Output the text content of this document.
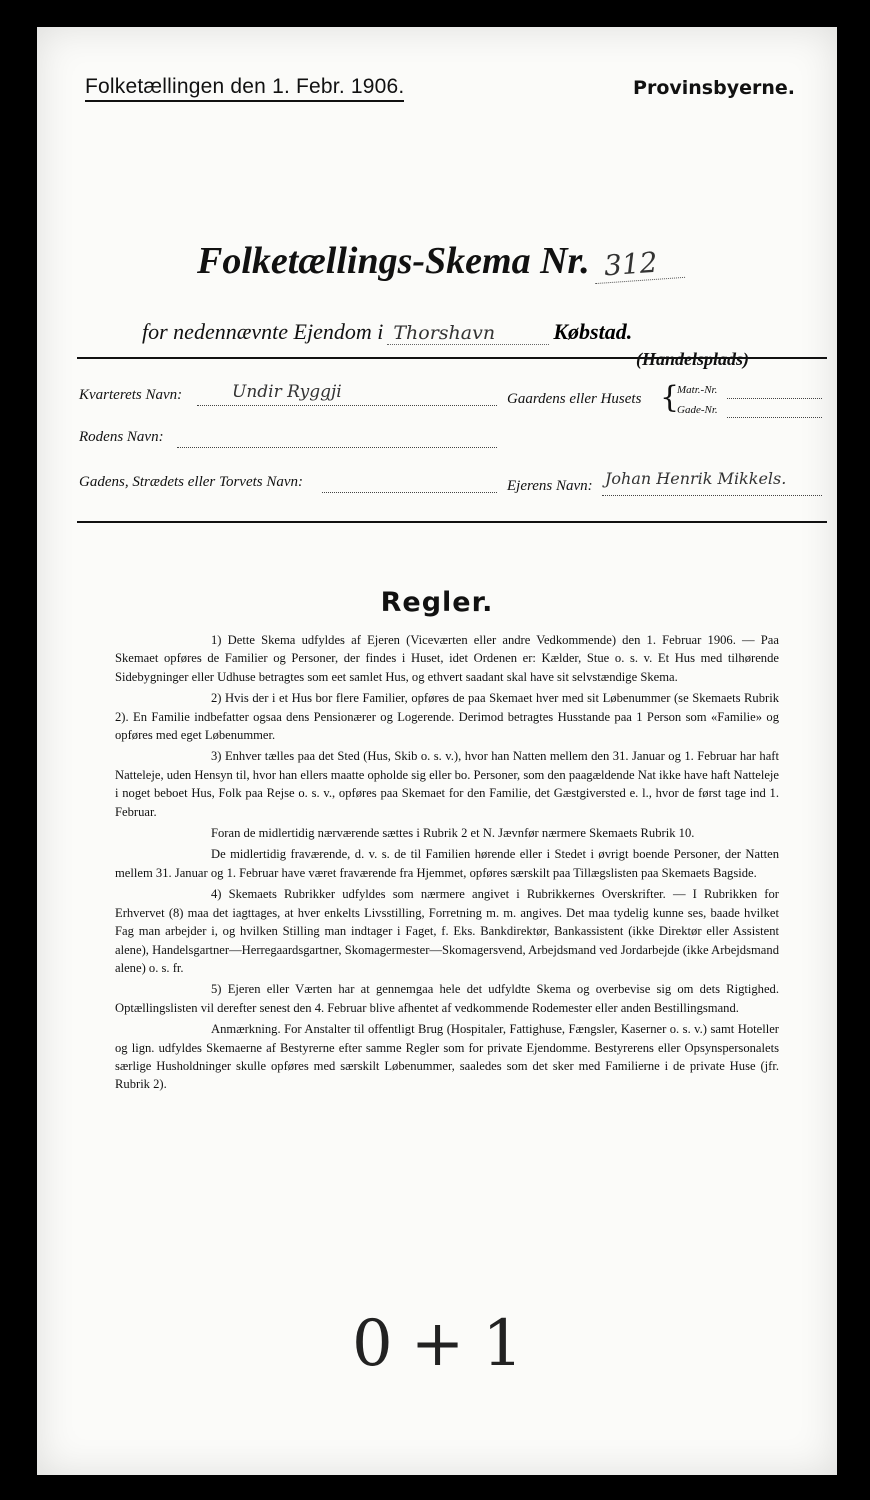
Folketællingen den 1. Febr. 1906.	Provinsbyerne.
Folketællings-Skema Nr. 312
for nedennævnte Ejendom i Thorshavn	Købstad.
(Handelsplads)
Kvarterets Navn:	Undir Ryggji	Gaardens eller Husets {
Matr.-Nr.
Gade-Nr.
Rodens Navn:
Gadens, Strædets eller Torvets Navn:	Ejerens Navn: Johan Henrik Mikkels.
Regler.

1) Dette Skema udfyldes af Ejeren (Viceværten eller andre Vedkommende) den 1. Februar 1906. — Paa Skemaet opføres de Familier og Personer, der findes i Huset, idet Ordenen er: Kælder, Stue o. s. v. Et Hus med tilhørende Sidebygninger eller Udhuse betragtes som eet samlet Hus, og ethvert saadant skal have sit selvstændige Skema.

2) Hvis der i et Hus bor flere Familier, opføres de paa Skemaet hver med sit Løbenummer (se Skemaets Rubrik 2). En Familie indbefatter ogsaa dens Pensionærer og Logerende. Derimod betragtes Husstande paa 1 Person som «Familie» og opføres med eget Løbenummer.

3) Enhver tælles paa det Sted (Hus, Skib o. s. v.), hvor han Natten mellem den 31. Januar og 1. Februar har haft Natteleje, uden Hensyn til, hvor han ellers maatte opholde sig eller bo. Personer, som den paagældende Nat ikke have haft Natteleje i noget beboet Hus, Folk paa Rejse o. s. v., opføres paa Skemaet for den Familie, det Gæstgiversted e. l., hvor de først tage ind 1. Februar.

Foran de midlertidig nærværende sættes i Rubrik 2 et N. Jævnfør nærmere Skemaets Rubrik 10.

De midlertidig fraværende, d. v. s. de til Familien hørende eller i Stedet i øvrigt boende Personer, der Natten mellem 31. Januar og 1. Februar have været fraværende fra Hjemmet, opføres særskilt paa Tillægslisten paa Skemaets Bagside.

4) Skemaets Rubrikker udfyldes som nærmere angivet i Rubrikkernes Overskrifter. — I Rubrikken for Erhvervet (8) maa det iagttages, at hver enkelts Livsstilling, Forretning m. m. angives. Det maa tydelig kunne ses, baade hvilket Fag man arbejder i, og hvilken Stilling man indtager i Faget, f. Eks. Bankdirektør, Bankassistent (ikke Direktør eller Assistent alene), Handelsgartner—Herregaardsgartner, Skomagermester—Skomagersvend, Arbejdsmand ved Jordarbejde (ikke Arbejdsmand alene) o. s. fr.

5) Ejeren eller Værten har at gennemgaa hele det udfyldte Skema og overbevise sig om dets Rigtighed. Optællingslisten vil derefter senest den 4. Februar blive afhentet af vedkommende Rodemester eller anden Bestillingsmand.

Anmærkning. For Anstalter til offentligt Brug (Hospitaler, Fattighuse, Fængsler, Kaserner o. s. v.) samt Hoteller og lign. udfyldes Skemaerne af Bestyrerne efter samme Regler som for private Ejendomme. Bestyrerens eller Opsynspersonalets særlige Husholdninger skulle opføres med særskilt Løbenummer, saaledes som det sker med Familierne i de private Huse (jfr. Rubrik 2).

0+1
